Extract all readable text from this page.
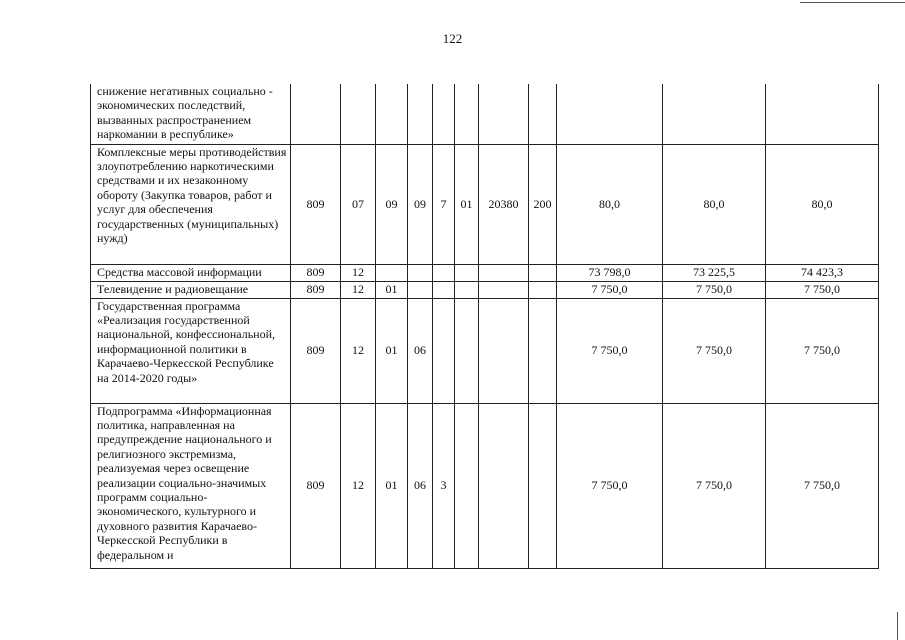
122
снижение негативных социально - экономических последствий, вызванных распространением наркомании в республике»											
Комплексные меры противодействия злоупотреблению наркотическими средствами и их незаконному обороту (Закупка товаров, работ и услуг для обеспечения государственных (муниципальных) нужд)	809	07	09	09	7	01	20380	200	80,0	80,0	80,0
Средства массовой информации	809	12							73 798,0	73 225,5	74 423,3
Телевидение и радиовещание	809	12	01						7 750,0	7 750,0	7 750,0
Государственная программа «Реализация государственной национальной, конфессиональной, информационной политики в Карачаево-Черкесской Республике на 2014-2020 годы»	809	12	01	06					7 750,0	7 750,0	7 750,0
Подпрограмма «Информационная политика, направленная на предупреждение национального и религиозного экстремизма, реализуемая через освещение реализации социально-значимых программ социально-экономического, культурного и духовного развития Карачаево-Черкесской Республики в федеральном и	809	12	01	06	3				7 750,0	7 750,0	7 750,0
